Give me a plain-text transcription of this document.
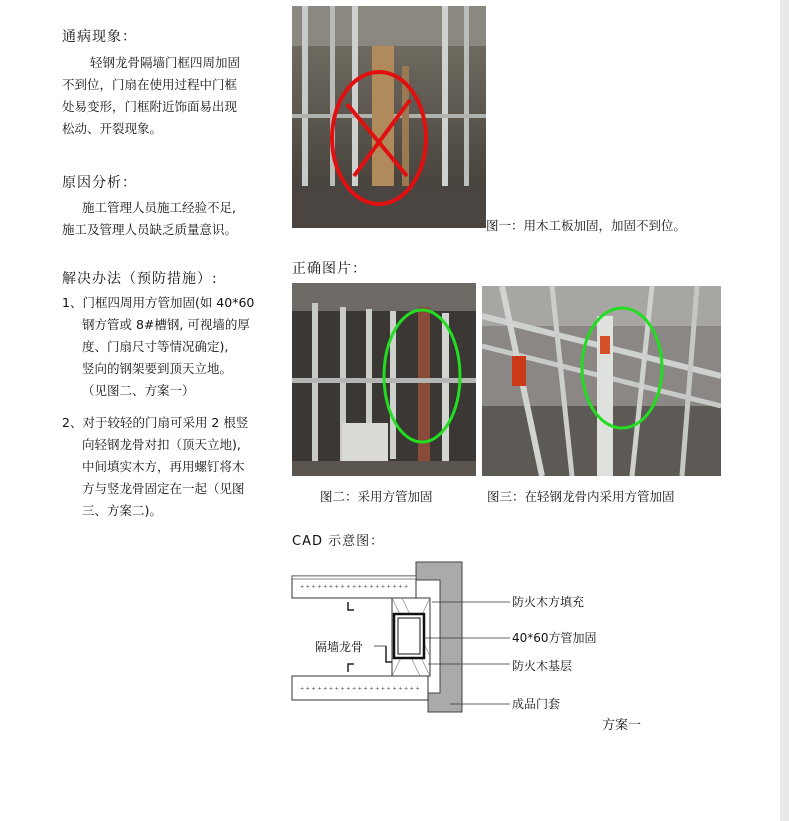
通病现象：
轻钢龙骨隔墙门框四周加固
不到位，门扇在使用过程中门框
处易变形，门框附近饰面易出现
松动、开裂现象。
原因分析：
施工管理人员施工经验不足,
施工及管理人员缺乏质量意识。
解决办法（预防措施）:
1、门框四周用方管加固(如 40*60
钢方管或 8#槽钢, 可视墙的厚
度、门扇尺寸等情况确定),
竖向的钢架要到顶天立地。
（见图二、方案一）
2、对于较轻的门扇可采用 2 根竖
向轻钢龙骨对扣（顶天立地),
中间填实木方，再用螺钉将木
方与竖龙骨固定在一起（见图
三、方案二)。
图一：用木工板加固，加固不到位。
正确图片：
图二：采用方管加固	图三：在轻钢龙骨内采用方管加固
CAD 示意图：
+ + + + + + + + + + + + + + + + + + +
+ + + + + + + + + + + + + + + + + + + + +
隔墙龙骨
防火木方填充
40*60方管加固
防火木基层
成品门套
方案一
